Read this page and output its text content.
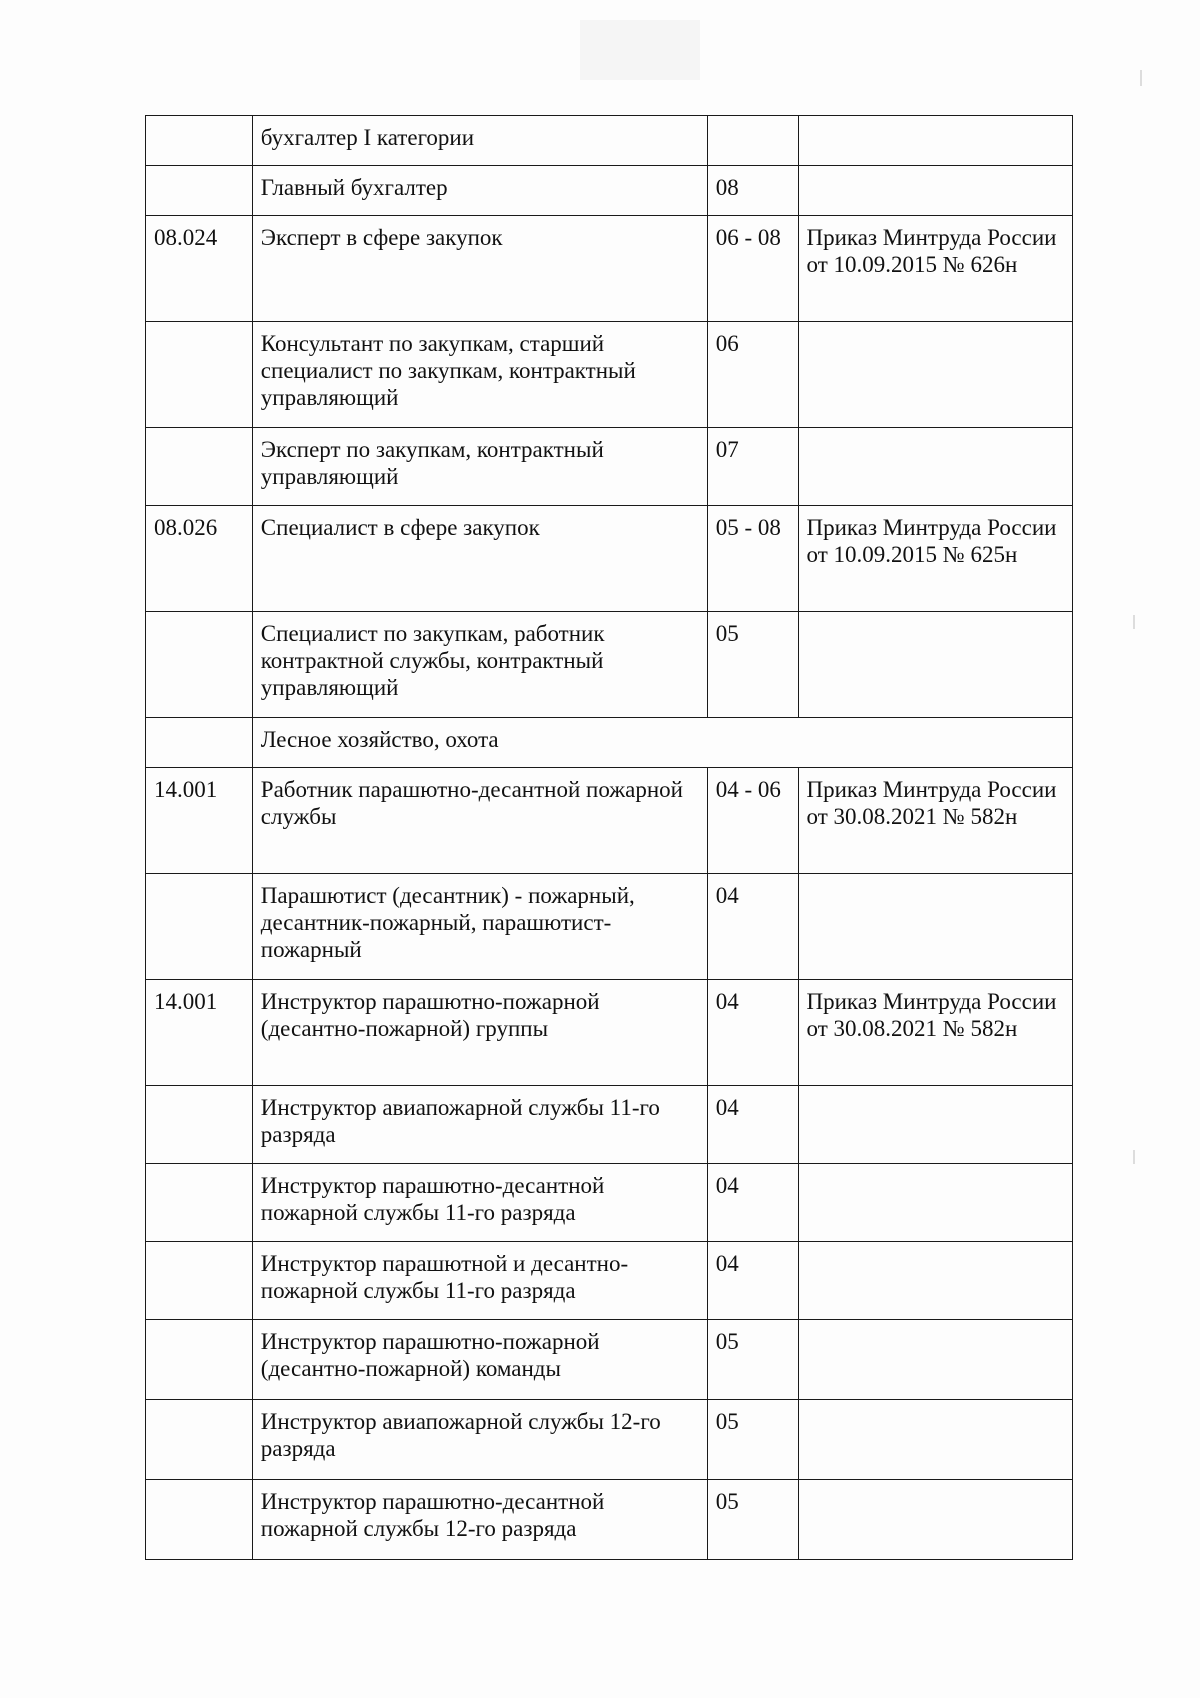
	бухгалтер I категории		

	Главный бухгалтер	08	

08.024	Эксперт в сфере закупок	06 - 08	Приказ Минтруда России от 10.09.2015 № 626н

	Консультант по закупкам, старший специалист по закупкам, контрактный управляющий	06	

	Эксперт по закупкам, контрактный управляющий	07	

08.026	Специалист в сфере закупок	05 - 08	Приказ Минтруда России от 10.09.2015 № 625н

	Специалист по закупкам, работник контрактной службы, контрактный управляющий	05	

	Лесное хозяйство, охота		

14.001	Работник парашютно-десантной пожарной службы	04 - 06	Приказ Минтруда России от 30.08.2021 № 582н

	Парашютист (десантник) - пожарный, десантник-пожарный, парашютист-пожарный	04	

14.001	Инструктор парашютно-пожарной (десантно-пожарной) группы	04	Приказ Минтруда России от 30.08.2021 № 582н

	Инструктор авиапожарной службы 11-го разряда	04	

	Инструктор парашютно-десантной пожарной службы 11-го разряда	04	

	Инструктор парашютной и десантно-пожарной службы 11-го разряда	04	

	Инструктор парашютно-пожарной (десантно-пожарной) команды	05	

	Инструктор авиапожарной службы 12-го разряда	05	

	Инструктор парашютно-десантной пожарной службы 12-го разряда	05	
